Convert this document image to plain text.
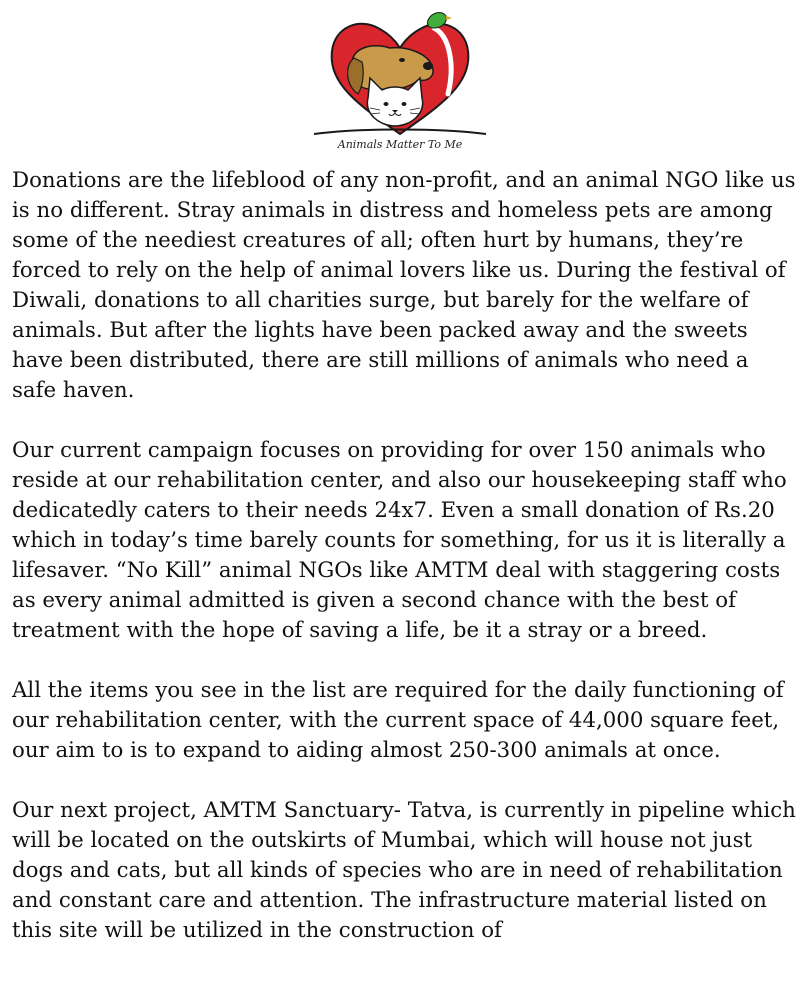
Animals Matter To Me

Donations are the lifeblood of any non-profit, and an animal NGO like us is no different. Stray animals in distress and homeless pets are among some of the neediest creatures of all; often hurt by humans, they’re forced to rely on the help of animal lovers like us. During the festival of Diwali, donations to all charities surge, but barely for the welfare of animals. But after the lights have been packed away and the sweets have been distributed, there are still millions of animals who need a safe haven.

Our current campaign focuses on providing for over 150 animals who reside at our rehabilitation center, and also our housekeeping staff who dedicatedly caters to their needs 24x7. Even a small donation of Rs.20 which in today’s time barely counts for something, for us it is literally a lifesaver. “No Kill” animal NGOs like AMTM deal with staggering costs as every animal admitted is given a second chance with the best of treatment with the hope of saving a life, be it a stray or a breed.

All the items you see in the list are required for the daily functioning of our rehabilitation center, with the current space of 44,000 square feet, our aim to is to expand to aiding almost 250-300 animals at once.

Our next project, AMTM Sanctuary- Tatva, is currently in pipeline which will be located on the outskirts of Mumbai, which will house not just dogs and cats, but all kinds of species who are in need of rehabilitation and constant care and attention. The infrastructure material listed on this site will be utilized in the construction of
